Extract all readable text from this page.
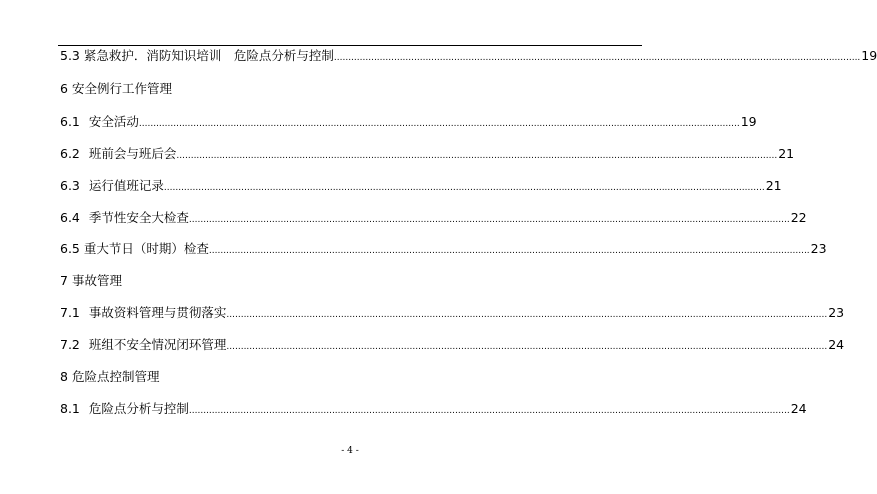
5.3 紧急救护．消防知识培训　危险点分析与控制 ........................................................................................................................................................................................ 19
6 安全例行工作管理
6.1 安全活动 .................................................................................................................................................................................................................. 19
6.2 班前会与班后会 .................................................................................................................................................................................................................. 21
6.3 运行值班记录 .................................................................................................................................................................................................................. 21
6.4 季节性安全大检查 .................................................................................................................................................................................................................. 22
6.5 重大节日（时期）检查 .................................................................................................................................................................................................................. 23
7 事故管理
7.1 事故资料管理与贯彻落实 .................................................................................................................................................................................................................. 23
7.2 班组不安全情况闭环管理 .................................................................................................................................................................................................................. 24
8 危险点控制管理
8.1 危险点分析与控制 .................................................................................................................................................................................................................. 24
- 4 -
